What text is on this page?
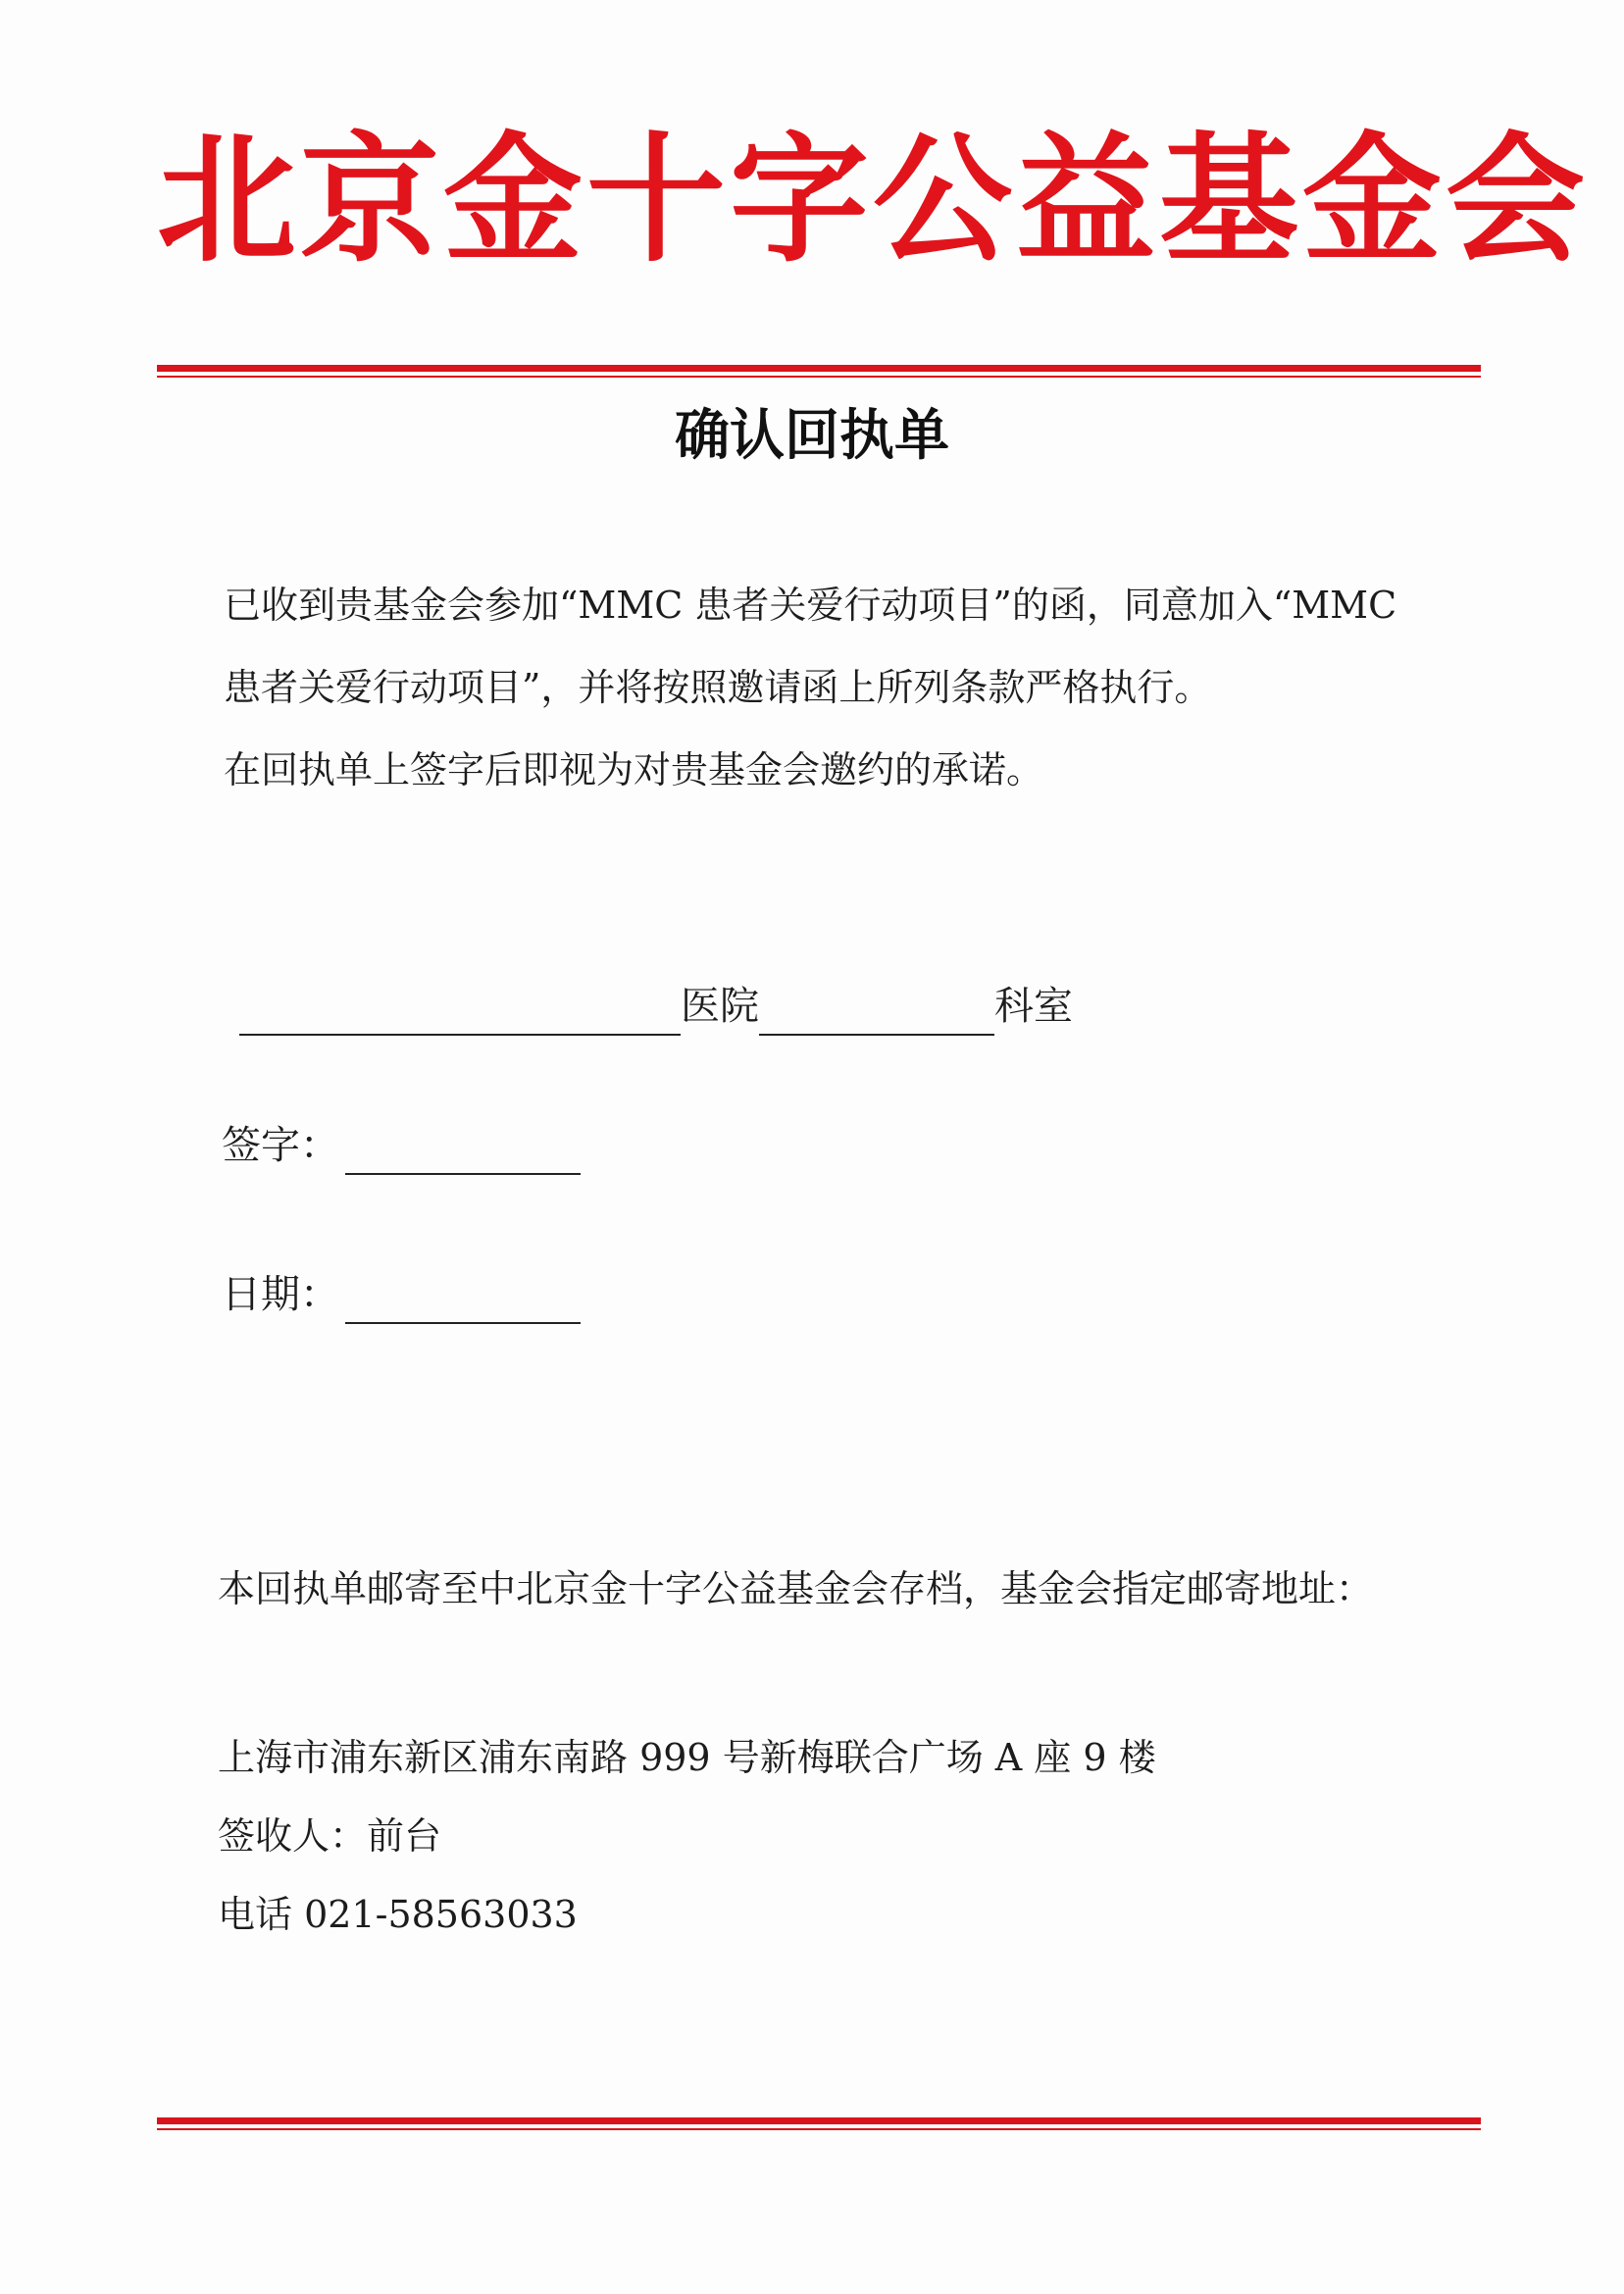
北京金十字公益基金会
确认回执单
已收到贵基金会参加“MMC 患者关爱行动项目”的函，同意加入“MMC
患者关爱行动项目”，并将按照邀请函上所列条款严格执行。
在回执单上签字后即视为对贵基金会邀约的承诺。
医院	科室
签字：
日期：
本回执单邮寄至中北京金十字公益基金会存档，基金会指定邮寄地址：
上海市浦东新区浦东南路 999 号新梅联合广场 A 座 9 楼
签收人：前台
电话 021-58563033
